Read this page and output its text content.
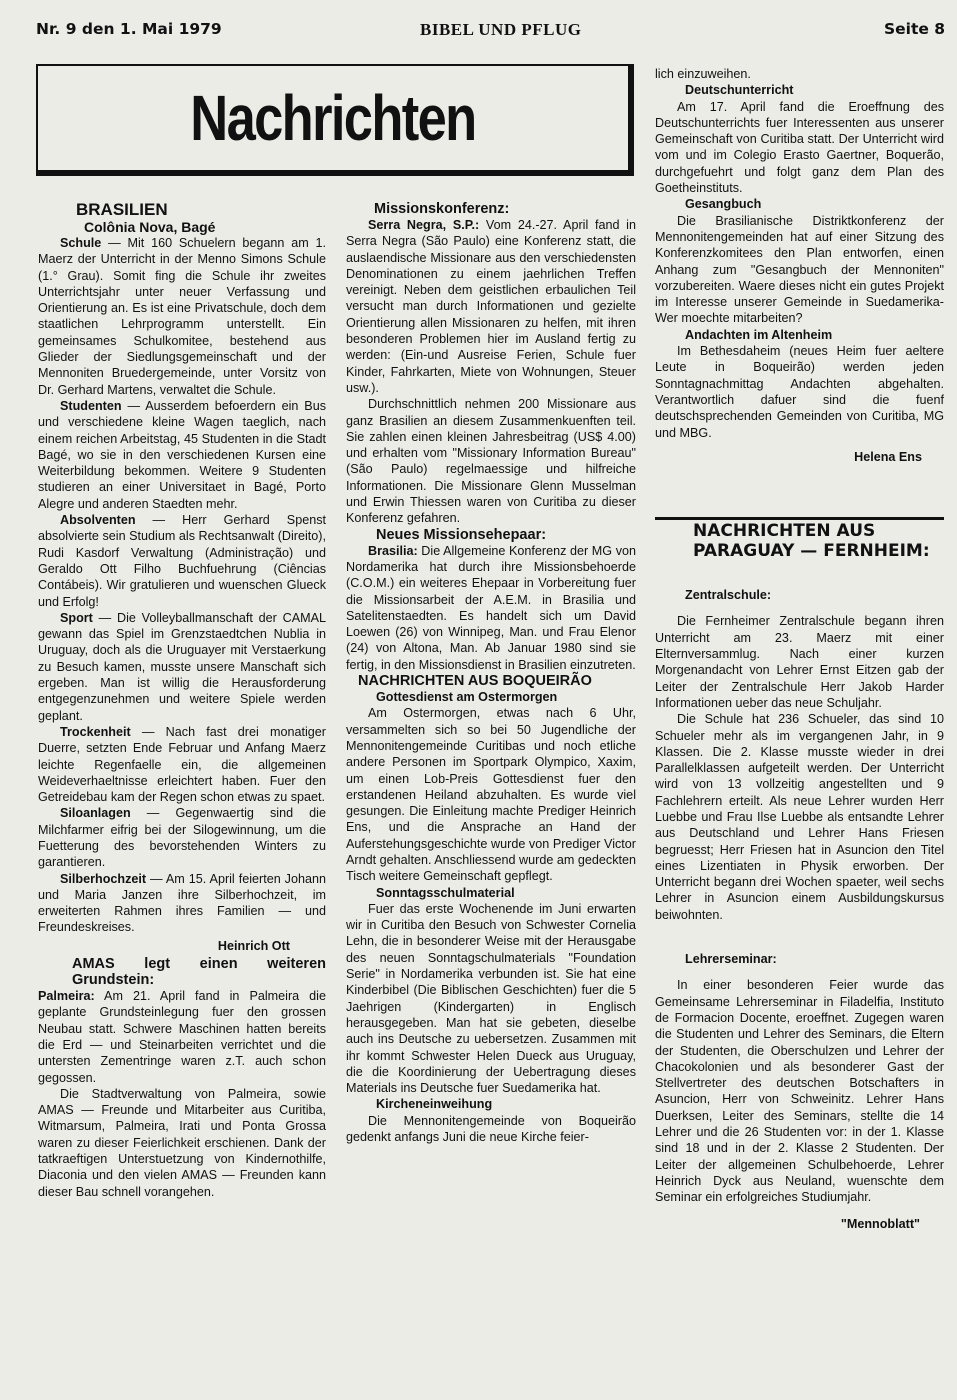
Nr. 9 den 1. Mai 1979	BIBEL UND PFLUG	Seite 8
Nachrichten
BRASILIEN
Colônia Nova, Bagé

Schule — Mit 160 Schuelern begann am 1. Maerz der Unterricht in der Menno Simons Schule (1.° Grau). Somit fing die Schule ihr zweites Unterrichtsjahr unter neuer Verfassung und Orientierung an. Es ist eine Privatschule, doch dem staatlichen Lehrprogramm unterstellt. Ein gemeinsames Schulkomitee, bestehend aus Glieder der Siedlungsgemeinschaft und der Mennoniten Bruedergemeinde, unter Vorsitz von Dr. Gerhard Martens, verwaltet die Schule.

Studenten — Ausserdem befoerdern ein Bus und verschiedene kleine Wagen taeglich, nach einem reichen Arbeitstag, 45 Studenten in die Stadt Bagé, wo sie in den verschiedenen Kursen eine Weiterbildung bekommen. Weitere 9 Studenten studieren an einer Universitaet in Bagé, Porto Alegre und anderen Staedten mehr.

Absolventen — Herr Gerhard Spenst absolvierte sein Studium als Rechtsanwalt (Direito), Rudi Kasdorf Verwaltung (Administração) und Geraldo Ott Filho Buchfuehrung (Ciências Contábeis). Wir gratulieren und wuenschen Glueck und Erfolg!

Sport — Die Volleyballmanschaft der CAMAL gewann das Spiel im Grenzstaedtchen Nublia in Uruguay, doch als die Uruguayer mit Verstaerkung zu Besuch kamen, musste unsere Manschaft sich ergeben. Man ist willig die Herausforderung entgegenzunehmen und weitere Spiele werden geplant.

Trockenheit — Nach fast drei monatiger Duerre, setzten Ende Februar und Anfang Maerz leichte Regenfaelle ein, die allgemeinen Weideverhaeltnisse erleichtert haben. Fuer den Getreidebau kam der Regen schon etwas zu spaet.

Siloanlagen — Gegenwaertig sind die Milchfarmer eifrig bei der Silogewinnung, um die Fuetterung des bevorstehenden Winters zu garantieren.

Silberhochzeit — Am 15. April feierten Johann und Maria Janzen ihre Silberhochzeit, im erweiterten Rahmen ihres Familien — und Freundeskreises.

Heinrich Ott
AMAS legt einen weiteren Grundstein:

Palmeira: Am 21. April fand in Palmeira die geplante Grundsteinlegung fuer den grossen Neubau statt. Schwere Maschinen hatten bereits die Erd — und Steinarbeiten verrichtet und die untersten Zementringe waren z.T. auch schon gegossen.

Die Stadtverwaltung von Palmeira, sowie AMAS — Freunde und Mitarbeiter aus Curitiba, Witmarsum, Palmeira, Irati und Ponta Grossa waren zu dieser Feierlichkeit erschienen. Dank der tatkraeftigen Unterstuetzung von Kindernothilfe, Diaconia und den vielen AMAS — Freunden kann dieser Bau schnell vorangehen.

Missionskonferenz:

Serra Negra, S.P.: Vom 24.-27. April fand in Serra Negra (São Paulo) eine Konferenz statt, die auslaendische Missionare aus den verschiedensten Denominationen zu einem jaehrlichen Treffen vereinigt. Neben dem geistlichen erbaulichen Teil versucht man durch Informationen und gezielte Orientierung allen Missionaren zu helfen, mit ihren besonderen Problemen hier im Ausland fertig zu werden: (Ein-und Ausreise Ferien, Schule fuer Kinder, Fahrkarten, Miete von Wohnungen, Steuer usw.).

Durchschnittlich nehmen 200 Missionare aus ganz Brasilien an diesem Zusammenkuenften teil. Sie zahlen einen kleinen Jahresbeitrag (US$ 4.00) und erhalten vom "Missionary Information Bureau" (São Paulo) regelmaessige und hilfreiche Informationen. Die Missionare Glenn Musselman und Erwin Thiessen waren von Curitiba zu dieser Konferenz gefahren.

Neues Missionsehepaar:

Brasilia: Die Allgemeine Konferenz der MG von Nordamerika hat durch ihre Missionsbehoerde (C.O.M.) ein weiteres Ehepaar in Vorbereitung fuer die Missionsarbeit der A.E.M. in Brasilia und Satelitenstaedten. Es handelt sich um David Loewen (26) von Winnipeg, Man. und Frau Elenor (24) von Altona, Man. Ab Januar 1980 sind sie fertig, in den Missionsdienst in Brasilien einzutreten.

NACHRICHTEN AUS BOQUEIRÃO
Gottesdienst am Ostermorgen

Am Ostermorgen, etwas nach 6 Uhr, versammelten sich so bei 50 Jugendliche der Mennonitengemeinde Curitibas und noch etliche andere Personen im Sportpark Olympico, Xaxim, um einen Lob-Preis Gottesdienst fuer den erstandenen Heiland abzuhalten. Es wurde viel gesungen. Die Einleitung machte Prediger Heinrich Ens, und die Ansprache an Hand der Auferstehungsgeschichte wurde von Prediger Victor Arndt gehalten. Anschliessend wurde am gedeckten Tisch weitere Gemeinschaft gepflegt.

Sonntagsschulmaterial

Fuer das erste Wochenende im Juni erwarten wir in Curitiba den Besuch von Schwester Cornelia Lehn, die in besonderer Weise mit der Herausgabe des neuen Sonntagschulmaterials "Foundation Serie" in Nordamerika verbunden ist. Sie hat eine Kinderbibel (Die Biblischen Geschichten) fuer die 5 Jaehrigen (Kindergarten) in Englisch herausgegeben. Man hat sie gebeten, dieselbe auch ins Deutsche zu uebersetzen. Zusammen mit ihr kommt Schwester Helen Dueck aus Uruguay, die die Koordinierung der Uebertragung dieses Materials ins Deutsche fuer Suedamerika hat.

Kircheneinweihung

Die Mennonitengemeinde von Boqueirão gedenkt anfangs Juni die neue Kirche feier-

lich einzuweihen.

Deutschunterricht

Am 17. April fand die Eroeffnung des Deutschunterrichts fuer Interessenten aus unserer Gemeinschaft von Curitiba statt. Der Unterricht wird vom und im Colegio Erasto Gaertner, Boquerão, durchgefuehrt und folgt ganz dem Plan des Goetheinstituts.

Gesangbuch

Die Brasilianische Distriktkonferenz der Mennonitengemeinden hat auf einer Sitzung des Konferenzkomitees den Plan entworfen, einen Anhang zum "Gesangbuch der Mennoniten" vorzubereiten. Waere dieses nicht ein gutes Projekt im Interesse unserer Gemeinde in Suedamerika- Wer moechte mitarbeiten?

Andachten im Altenheim

Im Bethesdaheim (neues Heim fuer aeltere Leute in Boqueirão) werden jeden Sonntagnachmittag Andachten abgehalten. Verantwortlich dafuer sind die fuenf deutschsprechenden Gemeinden von Curitiba, MG und MBG.

Helena Ens
NACHRICHTEN AUS PARAGUAY — FERNHEIM:
Zentralschule:

Die Fernheimer Zentralschule begann ihren Unterricht am 23. Maerz mit einer Elternversammlug. Nach einer kurzen Morgenandacht von Lehrer Ernst Eitzen gab der Leiter der Zentralschule Herr Jakob Harder Informationen ueber das neue Schuljahr.

Die Schule hat 236 Schueler, das sind 10 Schueler mehr als im vergangenen Jahr, in 9 Klassen. Die 2. Klasse musste wieder in drei Parallelklassen aufgeteilt werden. Der Unterricht wird von 13 vollzeitig angestellten und 9 Fachlehrern erteilt. Als neue Lehrer wurden Herr Luebbe und Frau Ilse Luebbe als entsandte Lehrer aus Deutschland und Lehrer Hans Friesen begruesst; Herr Friesen hat in Asuncion den Titel eines Lizentiaten in Physik erworben. Der Unterricht begann drei Wochen spaeter, weil sechs Lehrer in Asuncion einem Ausbildungskursus beiwohnten.

Lehrerseminar:

In einer besonderen Feier wurde das Gemeinsame Lehrerseminar in Filadelfia, Instituto de Formacion Docente, eroeffnet. Zugegen waren die Studenten und Lehrer des Seminars, die Eltern der Studenten, die Oberschulzen und Lehrer der Chacokolonien und als besonderer Gast der Stellvertreter des deutschen Botschafters in Asuncion, Herr von Schweinitz. Lehrer Hans Duerksen, Leiter des Seminars, stellte die 14 Lehrer und die 26 Studenten vor: in der 1. Klasse sind 18 und in der 2. Klasse 2 Studenten. Der Leiter der allgemeinen Schulbehoerde, Lehrer Heinrich Dyck aus Neuland, wuenschte dem Seminar ein erfolgreiches Studiumjahr.

"Mennoblatt"
